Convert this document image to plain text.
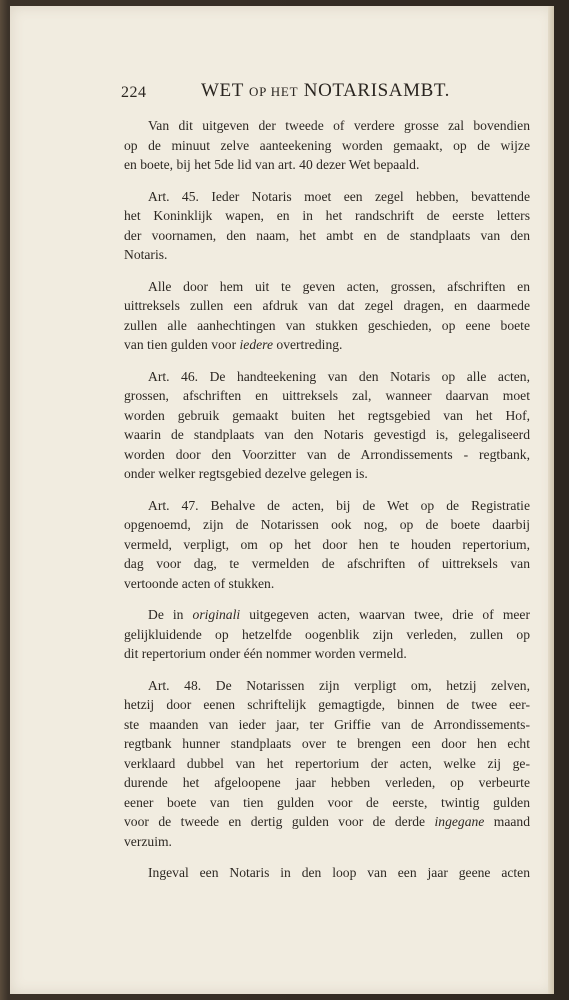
224	WET OP HET NOTARISAMBT.
Van dit uitgeven der tweede of verdere grosse zal bovendien
op de minuut zelve aanteekening worden gemaakt, op de wijze
en boete, bij het 5de lid van art. 40 dezer Wet bepaald.
Art. 45. Ieder Notaris moet een zegel hebben, bevattende
het Koninklijk wapen, en in het randschrift de eerste letters
der voornamen, den naam, het ambt en de standplaats van den
Notaris.
Alle door hem uit te geven acten, grossen, afschriften en
uittreksels zullen een afdruk van dat zegel dragen, en daarmede
zullen alle aanhechtingen van stukken geschieden, op eene boete
van tien gulden voor iedere overtreding.
Art. 46. De handteekening van den Notaris op alle acten,
grossen, afschriften en uittreksels zal, wanneer daarvan moet
worden gebruik gemaakt buiten het regtsgebied van het Hof,
waarin de standplaats van den Notaris gevestigd is, gelegaliseerd
worden door den Voorzitter van de Arrondissements - regtbank,
onder welker regtsgebied dezelve gelegen is.
Art. 47. Behalve de acten, bij de Wet op de Registratie
opgenoemd, zijn de Notarissen ook nog, op de boete daarbij
vermeld, verpligt, om op het door hen te houden repertorium,
dag voor dag, te vermelden de afschriften of uittreksels van
vertoonde acten of stukken.
De in originali uitgegeven acten, waarvan twee, drie of meer
gelijkluidende op hetzelfde oogenblik zijn verleden, zullen op
dit repertorium onder één nommer worden vermeld.
Art. 48. De Notarissen zijn verpligt om, hetzij zelven,
hetzij door eenen schriftelijk gemagtigde, binnen de twee eer-
ste maanden van ieder jaar, ter Griffie van de Arrondissements-
regtbank hunner standplaats over te brengen een door hen echt
verklaard dubbel van het repertorium der acten, welke zij ge-
durende het afgeloopene jaar hebben verleden, op verbeurte
eener boete van tien gulden voor de eerste, twintig gulden
voor de tweede en dertig gulden voor de derde ingegane maand
verzuim.
Ingeval een Notaris in den loop van een jaar geene acten
